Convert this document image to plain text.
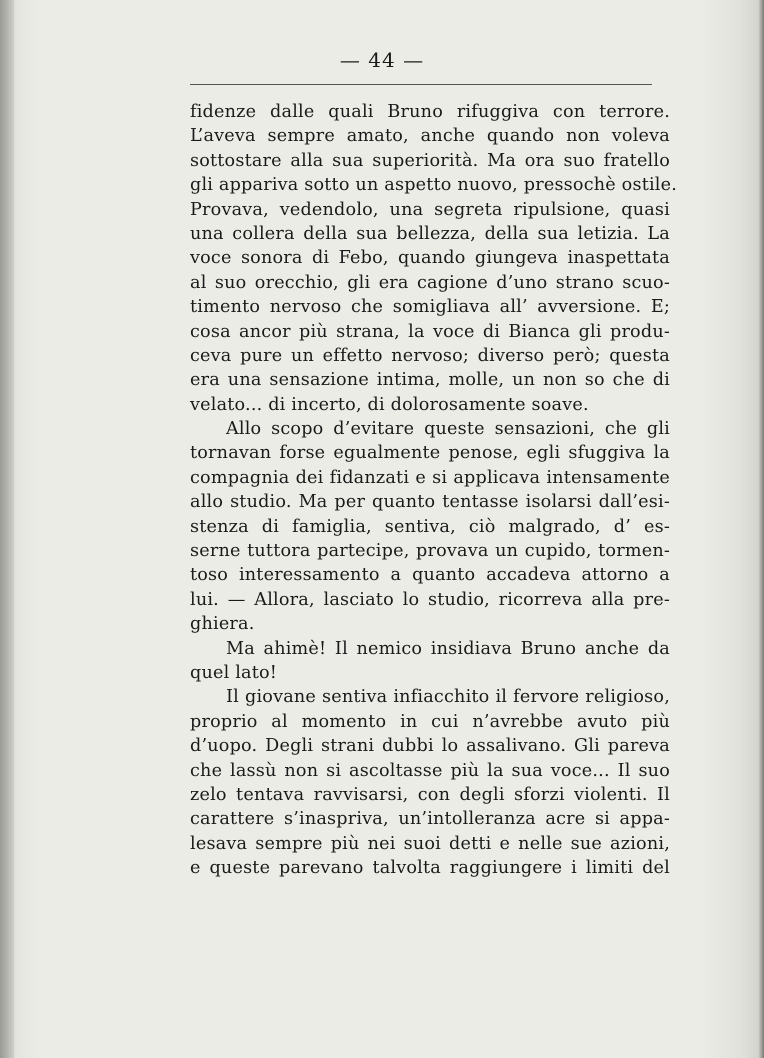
— 44 —
fidenze dalle quali Bruno rifuggiva con terrore.
L’aveva sempre amato, anche quando non voleva
sottostare alla sua superiorità. Ma ora suo fratello
gli appariva sotto un aspetto nuovo, pressochè ostile.
Provava, vedendolo, una segreta ripulsione, quasi
una collera della sua bellezza, della sua letizia. La
voce sonora di Febo, quando giungeva inaspettata
al suo orecchio, gli era cagione d’uno strano scuo-
timento nervoso che somigliava all’ avversione. E;
cosa ancor più strana, la voce di Bianca gli produ-
ceva pure un effetto nervoso; diverso però; questa
era una sensazione intima, molle, un non so che di
velato... di incerto, di dolorosamente soave.
Allo scopo d’evitare queste sensazioni, che gli
tornavan forse egualmente penose, egli sfuggiva la
compagnia dei fidanzati e si applicava intensamente
allo studio. Ma per quanto tentasse isolarsi dall’esi-
stenza di famiglia, sentiva, ciò malgrado, d’ es-
serne tuttora partecipe, provava un cupido, tormen-
toso interessamento a quanto accadeva attorno a
lui. — Allora, lasciato lo studio, ricorreva alla pre-
ghiera.
Ma ahimè! Il nemico insidiava Bruno anche da
quel lato!
Il giovane sentiva infiacchito il fervore religioso,
proprio al momento in cui n’avrebbe avuto più
d’uopo. Degli strani dubbi lo assalivano. Gli pareva
che lassù non si ascoltasse più la sua voce... Il suo
zelo tentava ravvisarsi, con degli sforzi violenti. Il
carattere s’inaspriva, un’intolleranza acre si appa-
lesava sempre più nei suoi detti e nelle sue azioni,
e queste parevano talvolta raggiungere i limiti del
